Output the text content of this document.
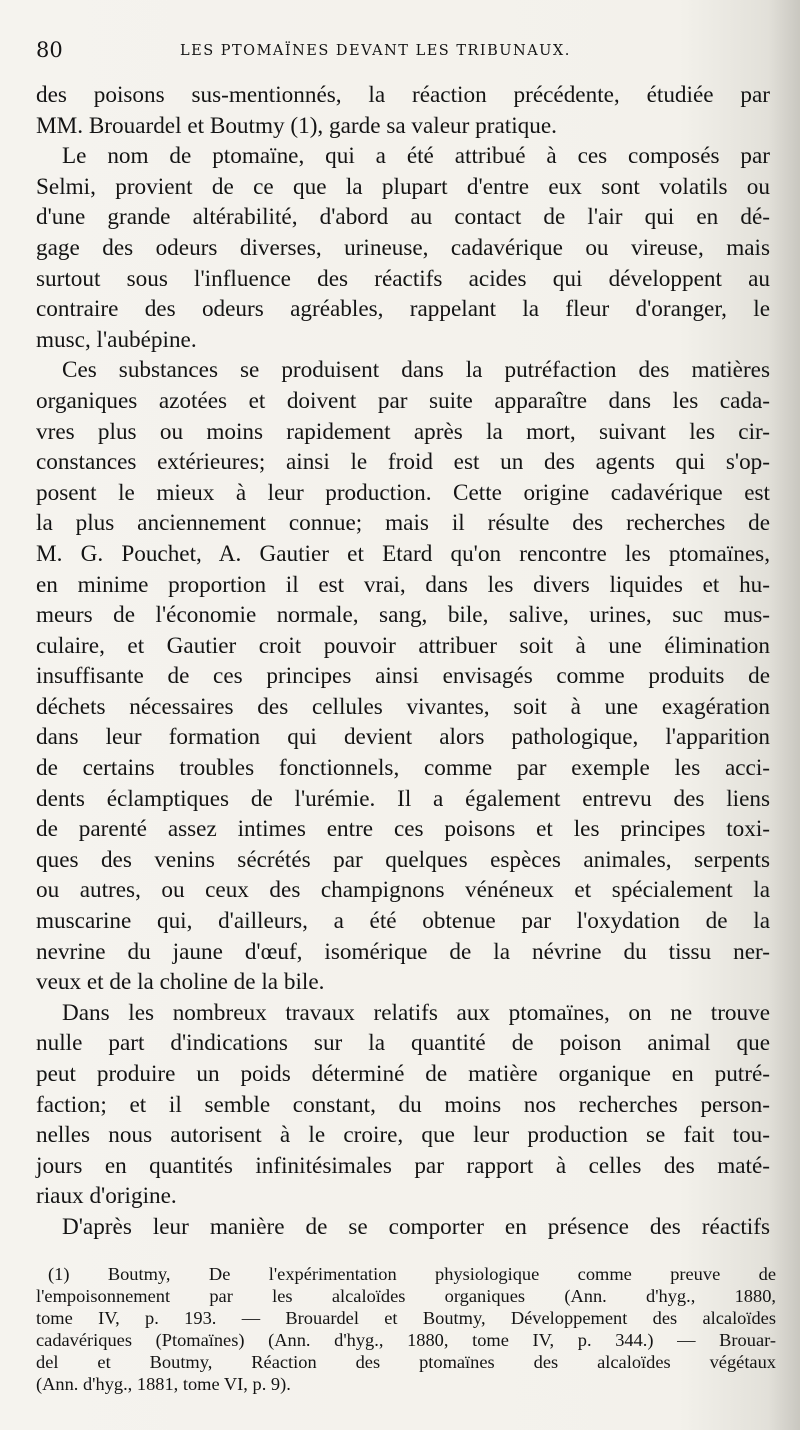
80	LES PTOMAÏNES DEVANT LES TRIBUNAUX.
des poisons sus-mentionnés, la réaction précédente, étudiée par
MM. Brouardel et Boutmy (1), garde sa valeur pratique.
Le nom de ptomaïne, qui a été attribué à ces composés par
Selmi, provient de ce que la plupart d'entre eux sont volatils ou
d'une grande altérabilité, d'abord au contact de l'air qui en dé-
gage des odeurs diverses, urineuse, cadavérique ou vireuse, mais
surtout sous l'influence des réactifs acides qui développent au
contraire des odeurs agréables, rappelant la fleur d'oranger, le
musc, l'aubépine.
Ces substances se produisent dans la putréfaction des matières
organiques azotées et doivent par suite apparaître dans les cada-
vres plus ou moins rapidement après la mort, suivant les cir-
constances extérieures; ainsi le froid est un des agents qui s'op-
posent le mieux à leur production. Cette origine cadavérique est
la plus anciennement connue; mais il résulte des recherches de
M. G. Pouchet, A. Gautier et Etard qu'on rencontre les ptomaïnes,
en minime proportion il est vrai, dans les divers liquides et hu-
meurs de l'économie normale, sang, bile, salive, urines, suc mus-
culaire, et Gautier croit pouvoir attribuer soit à une élimination
insuffisante de ces principes ainsi envisagés comme produits de
déchets nécessaires des cellules vivantes, soit à une exagération
dans leur formation qui devient alors pathologique, l'apparition
de certains troubles fonctionnels, comme par exemple les acci-
dents éclamptiques de l'urémie. Il a également entrevu des liens
de parenté assez intimes entre ces poisons et les principes toxi-
ques des venins sécrétés par quelques espèces animales, serpents
ou autres, ou ceux des champignons vénéneux et spécialement la
muscarine qui, d'ailleurs, a été obtenue par l'oxydation de la
nevrine du jaune d'œuf, isomérique de la névrine du tissu ner-
veux et de la choline de la bile.
Dans les nombreux travaux relatifs aux ptomaïnes, on ne trouve
nulle part d'indications sur la quantité de poison animal que
peut produire un poids déterminé de matière organique en putré-
faction; et il semble constant, du moins nos recherches person-
nelles nous autorisent à le croire, que leur production se fait tou-
jours en quantités infinitésimales par rapport à celles des maté-
riaux d'origine.
D'après leur manière de se comporter en présence des réactifs
(1) Boutmy, De l'expérimentation physiologique comme preuve de
l'empoisonnement par les alcaloïdes organiques (Ann. d'hyg., 1880,
tome IV, p. 193. — Brouardel et Boutmy, Développement des alcaloïdes
cadavériques (Ptomaïnes) (Ann. d'hyg., 1880, tome IV, p. 344.) — Brouar-
del et Boutmy, Réaction des ptomaïnes des alcaloïdes végétaux
(Ann. d'hyg., 1881, tome VI, p. 9).
